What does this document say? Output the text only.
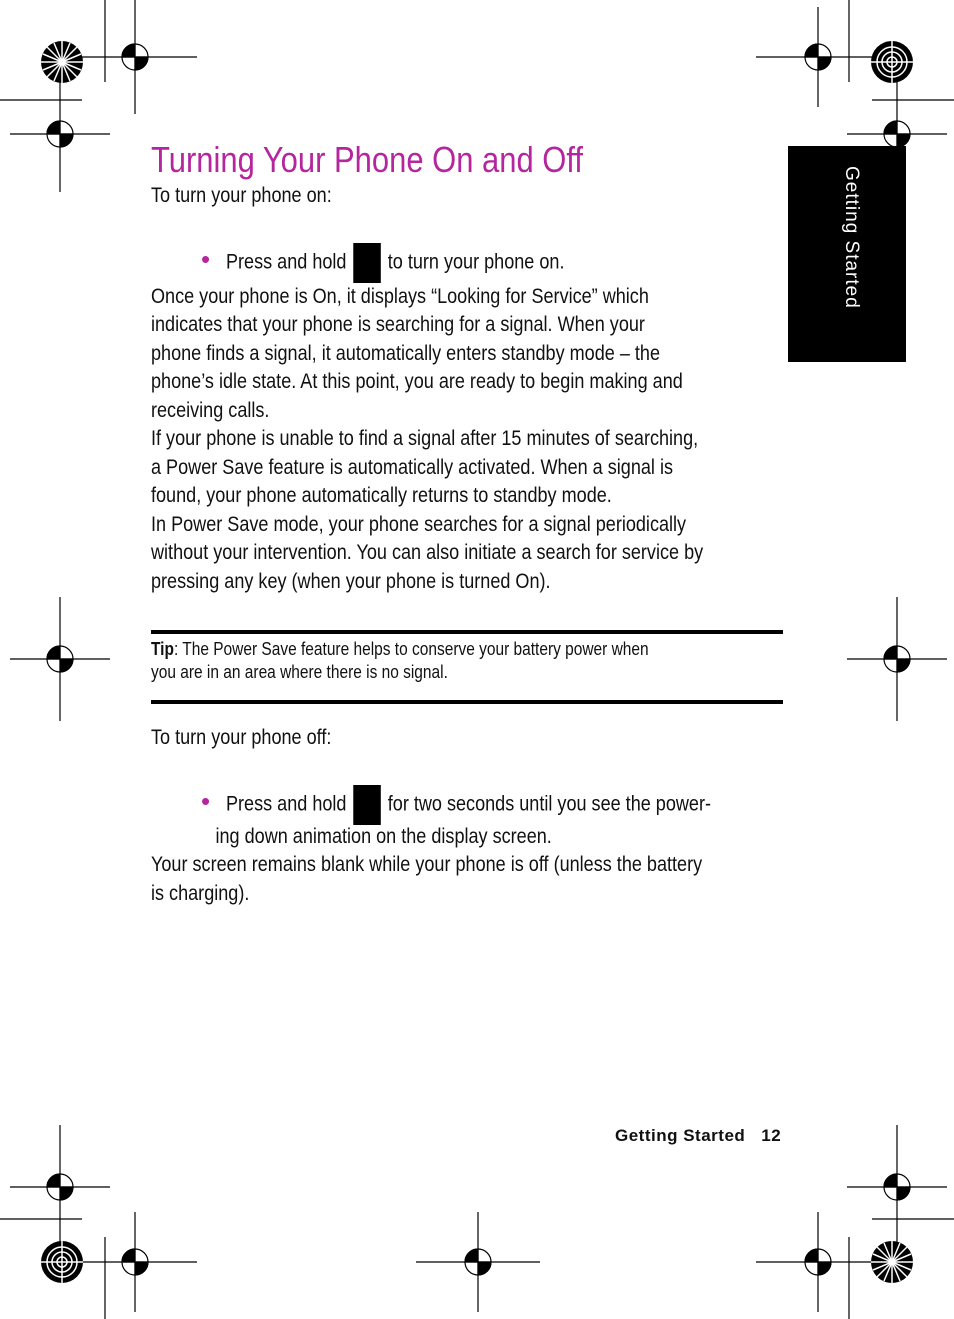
Getting Started
Turning Your Phone On and Off
To turn your phone on:
• Press and hold to turn your phone on.
Once your phone is On, it displays “Looking for Service” which
indicates that your phone is searching for a signal. When your
phone finds a signal, it automatically enters standby mode – the
phone’s idle state. At this point, you are ready to begin making and
receiving calls.
If your phone is unable to find a signal after 15 minutes of searching,
a Power Save feature is automatically activated. When a signal is
found, your phone automatically returns to standby mode.
In Power Save mode, your phone searches for a signal periodically
without your intervention. You can also initiate a search for service by
pressing any key (when your phone is turned On).
Tip: The Power Save feature helps to conserve your battery power when
you are in an area where there is no signal.
To turn your phone off:
• Press and hold for two seconds until you see the power-
ing down animation on the display screen.
Your screen remains blank while your phone is off (unless the battery
is charging).
Getting Started 12
